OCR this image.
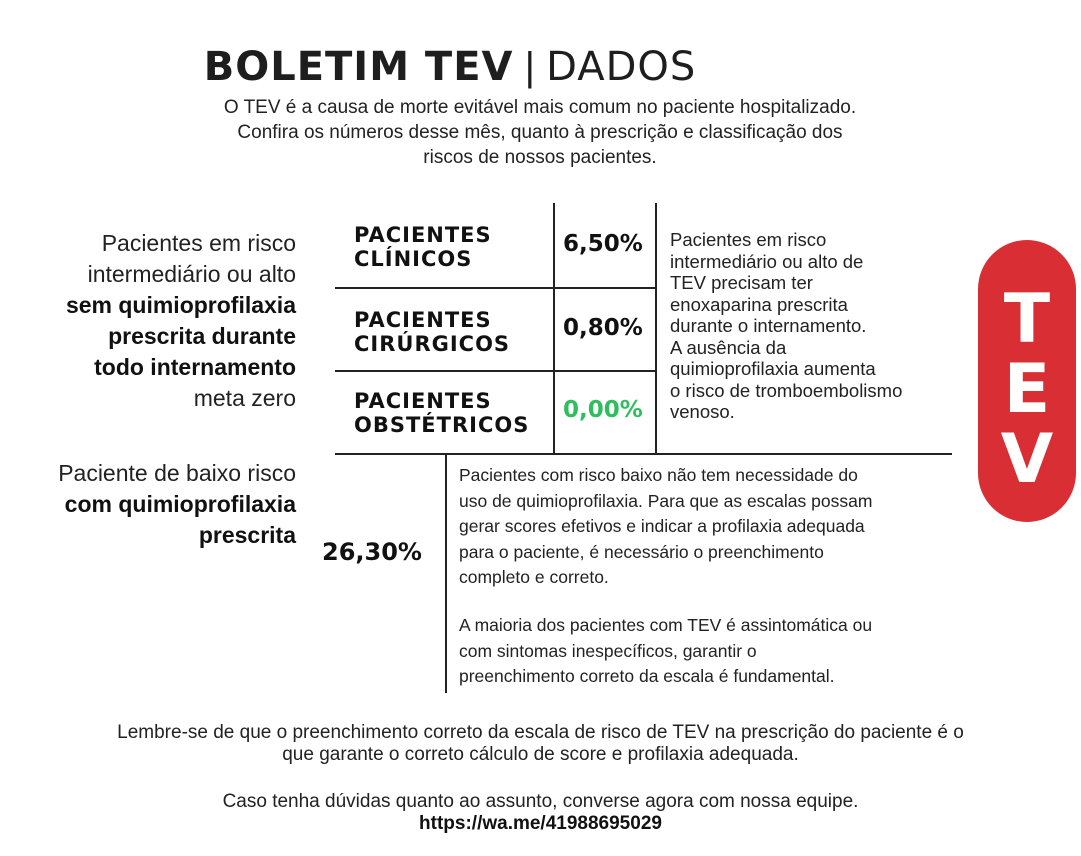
BOLETIM TEV | DADOS
O TEV é a causa de morte evitável mais comum no paciente hospitalizado.
Confira os números desse mês, quanto à prescrição e classificação dos
riscos de nossos pacientes.
Pacientes em risco
intermediário ou alto
sem quimioprofilaxia
prescrita durante
todo internamento
meta zero
Paciente de baixo risco
com quimioprofilaxia
prescrita
PACIENTES
CLÍNICOS
6,50%
PACIENTES
CIRÚRGICOS
0,80%
PACIENTES
OBSTÉTRICOS
0,00%
Pacientes em risco
intermediário ou alto de
TEV precisam ter
enoxaparina prescrita
durante o internamento.
A ausência da
quimioprofilaxia aumenta
o risco de tromboembolismo
venoso.
26,30%
Pacientes com risco baixo não tem necessidade do
uso de quimioprofilaxia. Para que as escalas possam
gerar scores efetivos e indicar a profilaxia adequada
para o paciente, é necessário o preenchimento
completo e correto.
A maioria dos pacientes com TEV é assintomática ou
com sintomas inespecíficos, garantir o
preenchimento correto da escala é fundamental.
T
E
V
Lembre-se de que o preenchimento correto da escala de risco de TEV na prescrição do paciente é o
que garante o correto cálculo de score e profilaxia adequada.
Caso tenha dúvidas quanto ao assunto, converse agora com nossa equipe.
https://wa.me/41988695029
